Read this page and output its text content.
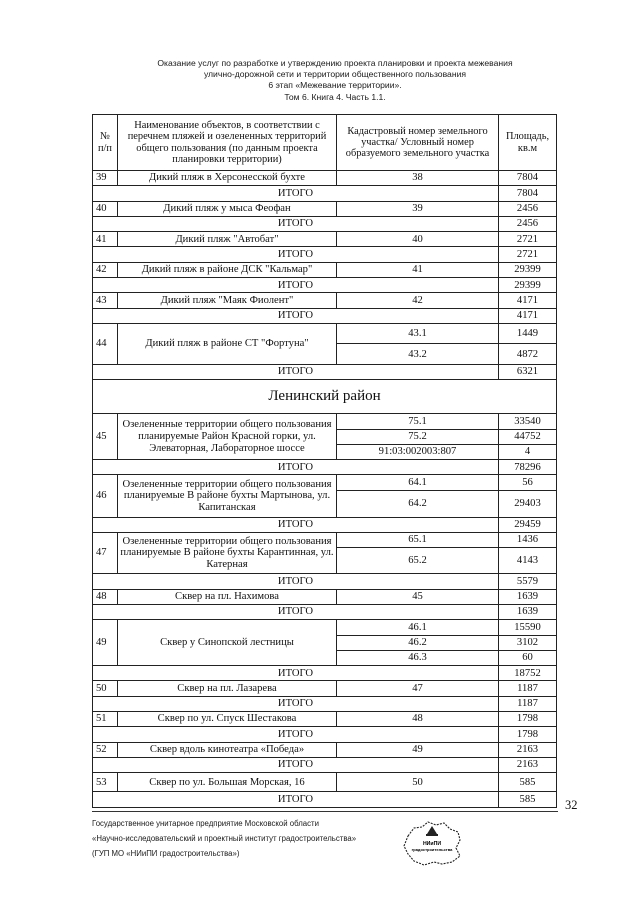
Оказание услуг по разработке и утверждению проекта планировки и проекта межевания
улично-дорожной сети и территории общественного пользования
6 этап «Межевание территории».
Том 6. Книга 4. Часть 1.1.
№ п/п	Наименование объектов, в соответствии с перечнем пляжей и озелененных территорий общего пользования (по данным проекта планировки территории)	Кадастровый номер земельного участка/ Условный номер образуемого земельного участка	Площадь, кв.м
39	Дикий пляж в Херсонесской бухте	38	7804
ИТОГО			7804
40	Дикий пляж у мыса Феофан	39	2456
ИТОГО			2456
41	Дикий пляж "Автобат"	40	2721
ИТОГО			2721
42	Дикий пляж в районе ДСК "Кальмар"	41	29399
ИТОГО			29399
43	Дикий пляж "Маяк Фиолент"	42	4171
ИТОГО			4171
44	Дикий пляж в районе СТ "Фортуна"	43.1	1449
		43.2	4872
ИТОГО			6321
Ленинский район			
45	Озелененные территории общего пользования планируемые Район Красной горки, ул. Элеваторная, Лабораторное шоссе	75.1	33540
		75.2	44752
		91:03:002003:807	4
ИТОГО			78296
46	Озелененные территории общего пользования планируемые В районе бухты Мартынова, ул. Капитанская	64.1	56
		64.2	29403
ИТОГО			29459
47	Озелененные территории общего пользования планируемые В районе бухты Карантинная, ул. Катерная	65.1	1436
		65.2	4143
ИТОГО			5579
48	Сквер на пл. Нахимова	45	1639
ИТОГО			1639
49	Сквер у Синопской лестницы	46.1	15590
		46.2	3102
		46.3	60
ИТОГО			18752
50	Сквер на пл. Лазарева	47	1187
ИТОГО			1187
51	Сквер по ул. Спуск Шестакова	48	1798
ИТОГО			1798
52	Сквер вдоль кинотеатра «Победа»	49	2163
ИТОГО			2163
53	Сквер по ул. Большая Морская, 16	50	585
ИТОГО			585 32
Государственное унитарное предприятие Московской области
«Научно-исследовательский и проектный институт градостроительства»
(ГУП МО «НИиПИ градостроительства»)
НИиПИ
градостроительства
